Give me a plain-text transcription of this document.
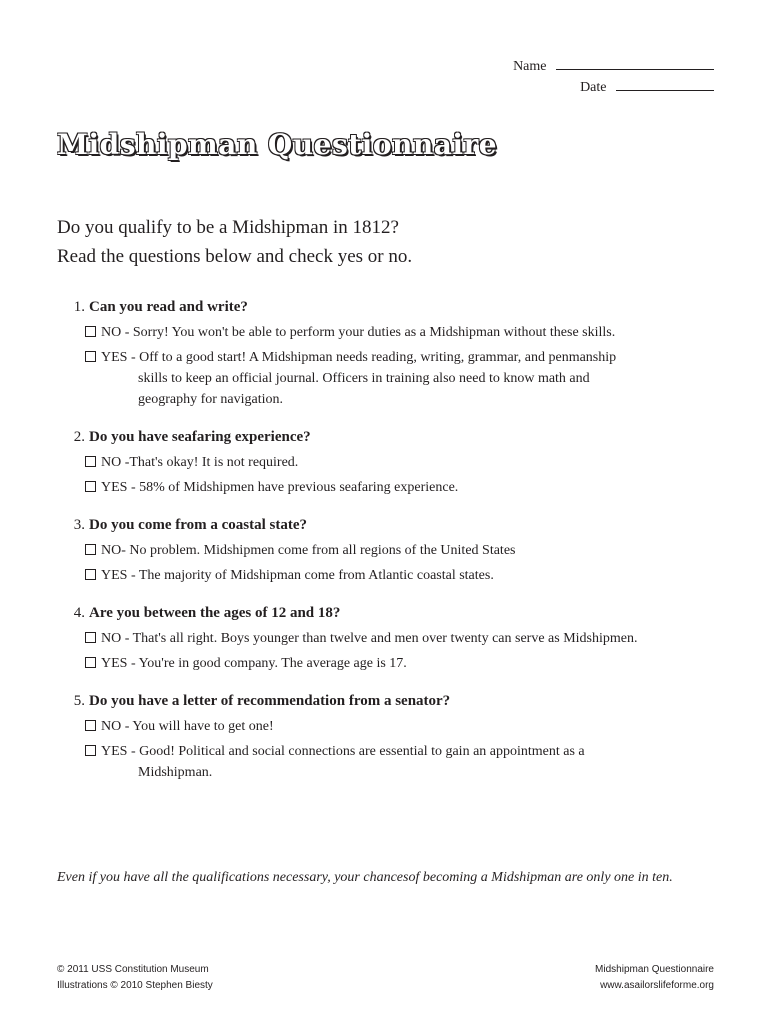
Name
Date
Midshipman Questionnaire
Do you qualify to be a Midshipman in 1812?
Read the questions below and check yes or no.
1. Can you read and write?
NO - Sorry! You won't be able to perform your duties as a Midshipman without these skills.
YES - Off to a good start! A Midshipman needs reading, writing, grammar, and penmanship
skills to keep an official journal. Officers in training also need to know math and
geography for navigation.
2. Do you have seafaring experience?
NO -That's okay! It is not required.
YES - 58% of Midshipmen have previous seafaring experience.
3. Do you come from a coastal state?
NO- No problem. Midshipmen come from all regions of the United States
YES - The majority of Midshipman come from Atlantic coastal states.
4. Are you between the ages of 12 and 18?
NO - That's all right. Boys younger than twelve and men over twenty can serve as Midshipmen.
YES - You're in good company. The average age is 17.
5. Do you have a letter of recommendation from a senator?
NO - You will have to get one!
YES - Good! Political and social connections are essential to gain an appointment as a
Midshipman.
Even if you have all the qualifications necessary, your chancesof becoming a Midshipman are only one in ten.
© 2011 USS Constitution Museum
Illustrations © 2010 Stephen Biesty
Midshipman Questionnaire
www.asailorslifeforme.org
